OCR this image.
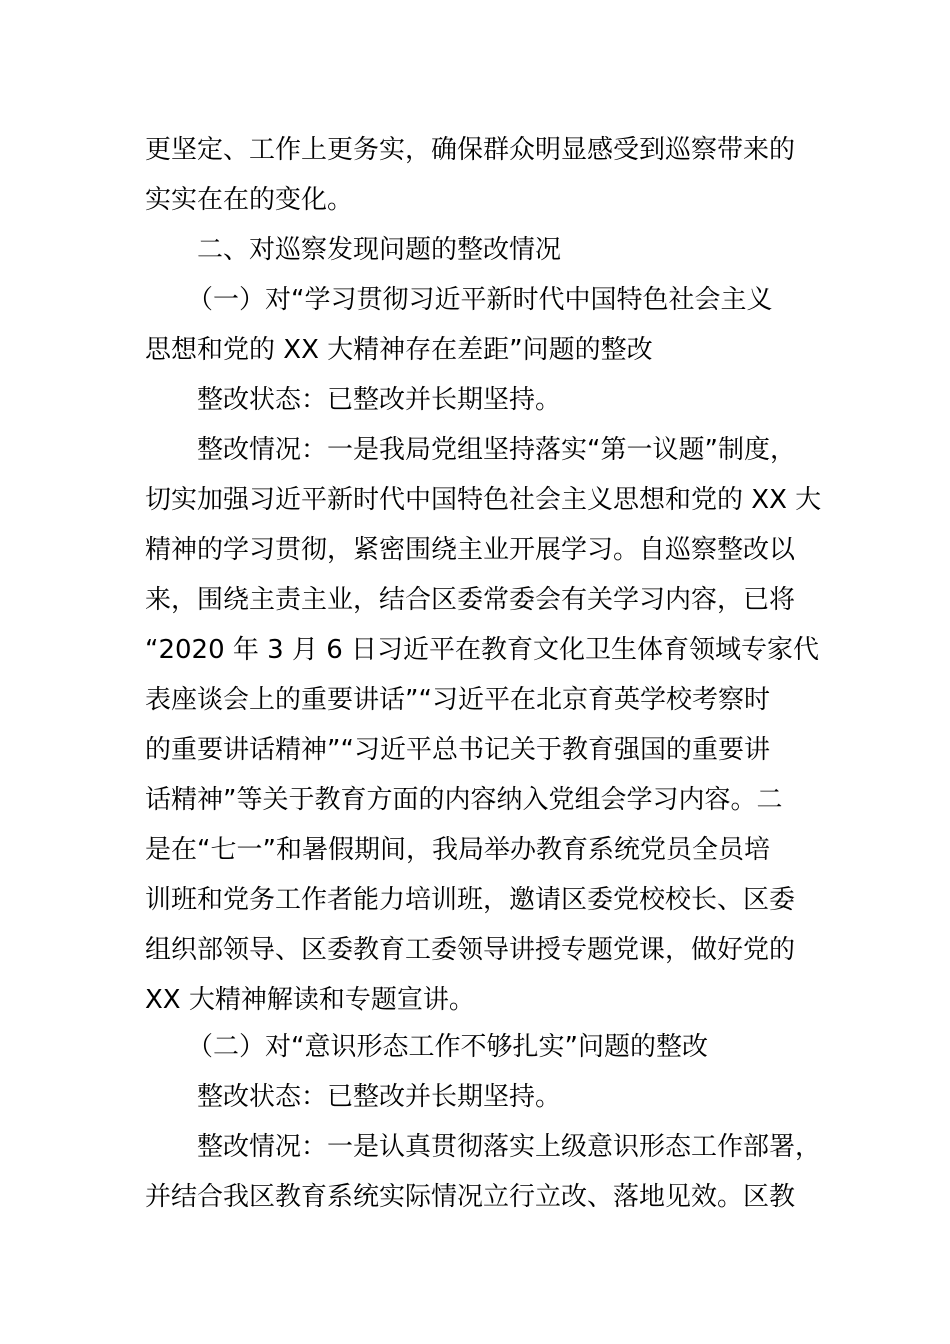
更坚定、工作上更务实，确保群众明显感受到巡察带来的
实实在在的变化。
二、对巡察发现问题的整改情况
（一）对“学习贯彻习近平新时代中国特色社会主义
思想和党的 XX 大精神存在差距”问题的整改
整改状态：已整改并长期坚持。
整改情况：一是我局党组坚持落实“第一议题”制度，
切实加强习近平新时代中国特色社会主义思想和党的 XX 大
精神的学习贯彻，紧密围绕主业开展学习。自巡察整改以
来，围绕主责主业，结合区委常委会有关学习内容，已将
“2020 年 3 月 6 日习近平在教育文化卫生体育领域专家代
表座谈会上的重要讲话”“习近平在北京育英学校考察时
的重要讲话精神”“习近平总书记关于教育强国的重要讲
话精神”等关于教育方面的内容纳入党组会学习内容。二
是在“七一”和暑假期间，我局举办教育系统党员全员培
训班和党务工作者能力培训班，邀请区委党校校长、区委
组织部领导、区委教育工委领导讲授专题党课，做好党的
XX 大精神解读和专题宣讲。
（二）对“意识形态工作不够扎实”问题的整改
整改状态：已整改并长期坚持。
整改情况：一是认真贯彻落实上级意识形态工作部署，
并结合我区教育系统实际情况立行立改、落地见效。区教
